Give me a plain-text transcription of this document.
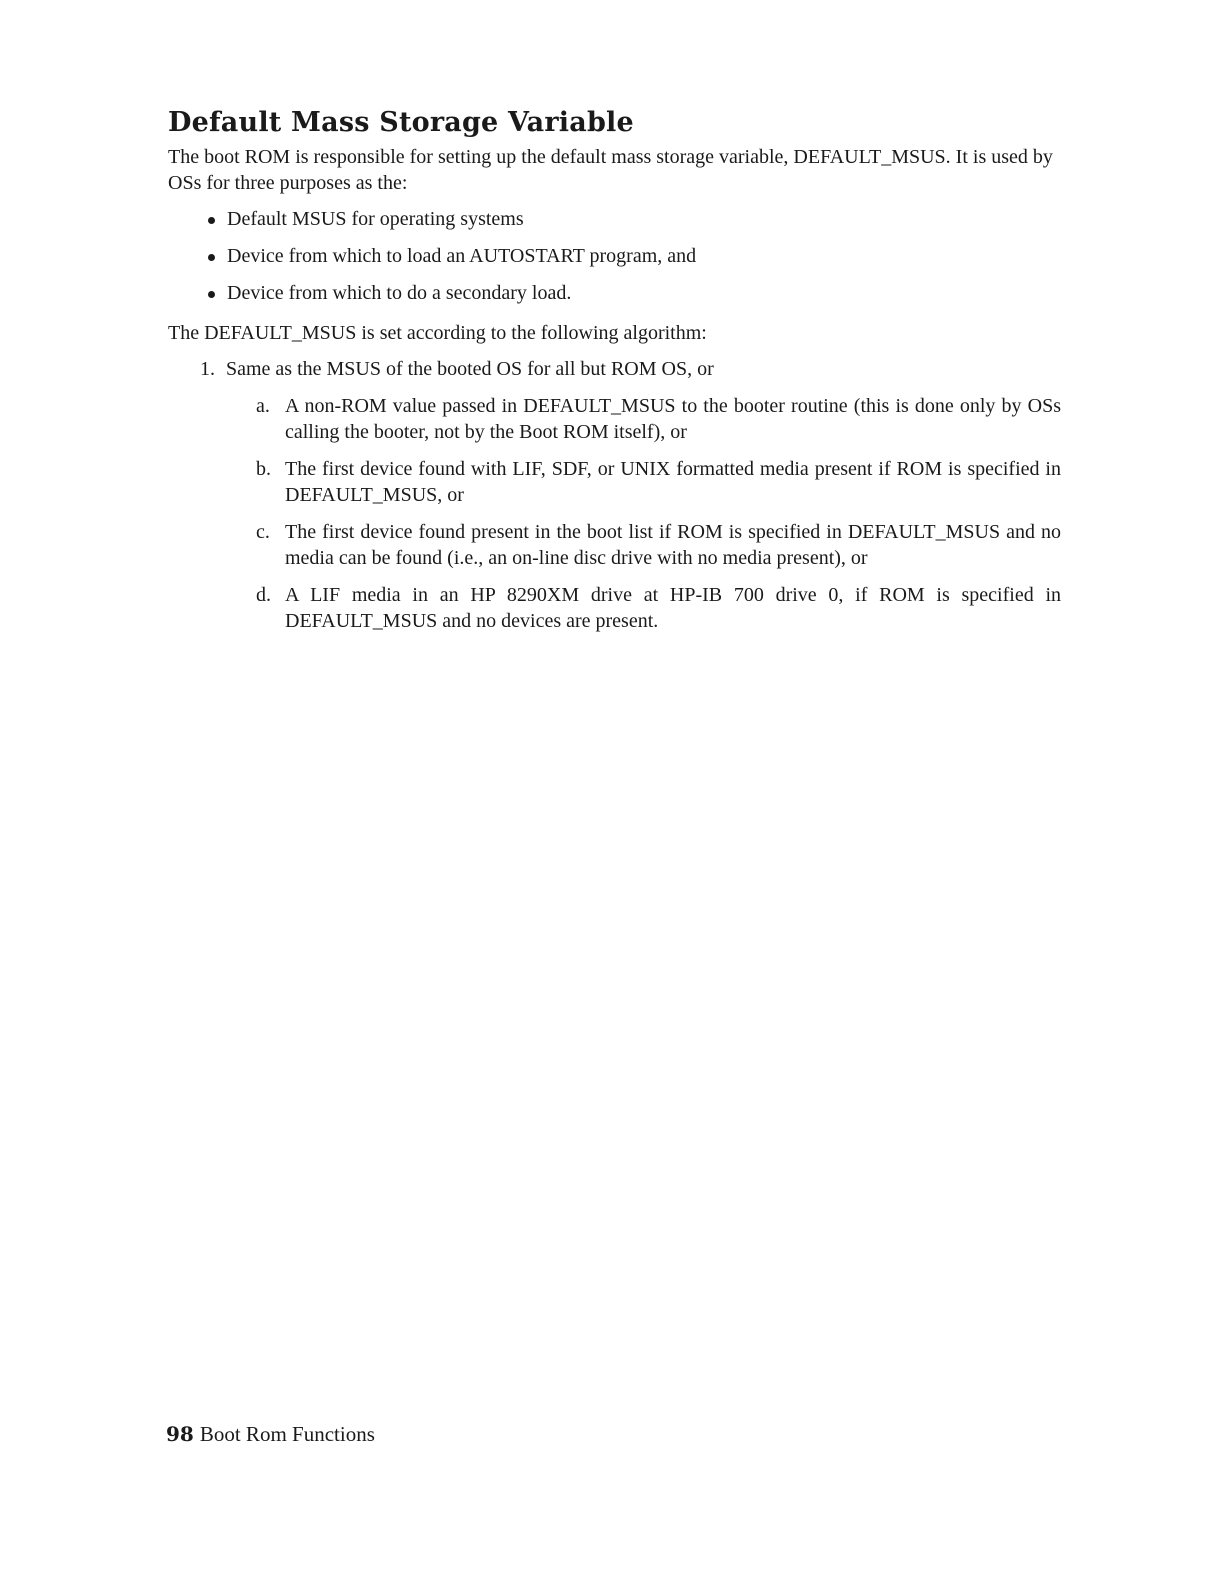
Default Mass Storage Variable

The boot ROM is responsible for setting up the default mass storage variable, DEFAULT_MSUS. It is used by OSs for three purposes as the:

Default MSUS for operating systems
Device from which to load an AUTOSTART program, and
Device from which to do a secondary load.

The DEFAULT_MSUS is set according to the following algorithm:

1. Same as the MSUS of the booted OS for all but ROM OS, or
a. A non-ROM value passed in DEFAULT_MSUS to the booter routine (this is done only by OSs calling the booter, not by the Boot ROM itself), or
b. The first device found with LIF, SDF, or UNIX formatted media present if ROM is specified in DEFAULT_MSUS, or
c. The first device found present in the boot list if ROM is specified in DEFAULT_MSUS and no media can be found (i.e., an on-line disc drive with no media present), or
d. A LIF media in an HP 8290XM drive at HP-IB 700 drive 0, if ROM is specified in DEFAULT_MSUS and no devices are present.
98 Boot Rom Functions
